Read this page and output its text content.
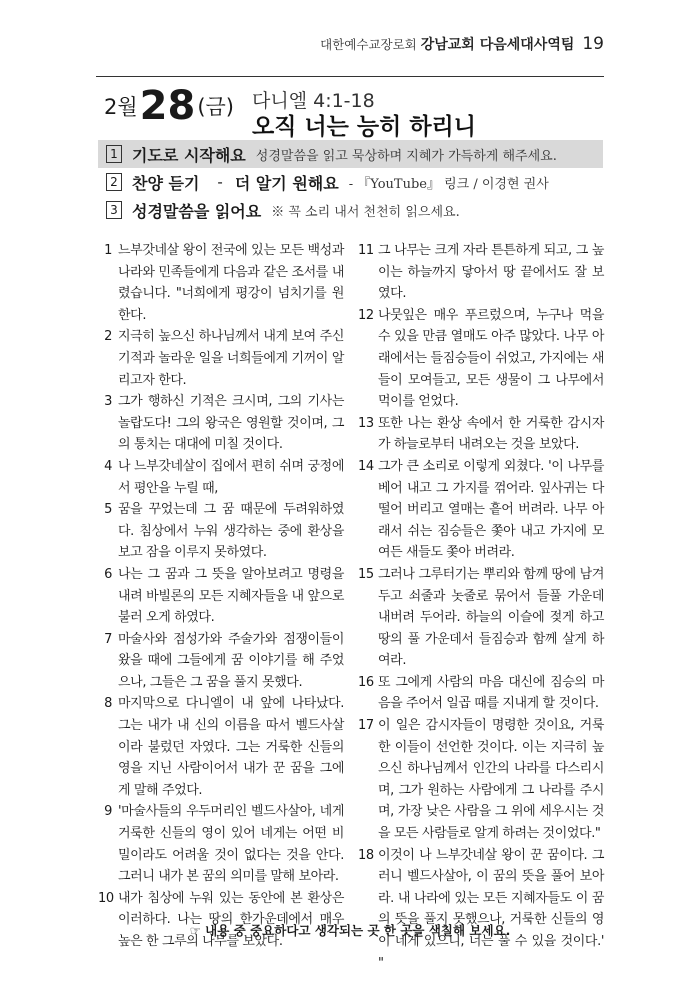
대한예수교장로회 강남교회 다음세대사역팀 19
2월 28 (금) 다니엘 4:1-18
오직 너는 능히 하리니
1 기도로 시작해요 성경말씀을 읽고 묵상하며 지혜가 가득하게 해주세요.
2 찬양 듣기 - 더 알기 원해요 - 『YouTube』 링크 / 이경현 권사
3 성경말씀을 읽어요 ※ 꼭 소리 내서 천천히 읽으세요.
1 느부갓네살 왕이 전국에 있는 모든 백성과 나라와 민족들에게 다음과 같은 조서를 내렸습니다. "너희에게 평강이 넘치기를 원한다.
2 지극히 높으신 하나님께서 내게 보여 주신 기적과 놀라운 일을 너희들에게 기꺼이 알리고자 한다.
3 그가 행하신 기적은 크시며, 그의 기사는 놀랍도다! 그의 왕국은 영원할 것이며, 그의 통치는 대대에 미칠 것이다.
4 나 느부갓네살이 집에서 편히 쉬며 궁정에서 평안을 누릴 때,
5 꿈을 꾸었는데 그 꿈 때문에 두려워하였다. 침상에서 누워 생각하는 중에 환상을 보고 잠을 이루지 못하였다.
6 나는 그 꿈과 그 뜻을 알아보려고 명령을 내려 바빌론의 모든 지혜자들을 내 앞으로 불러 오게 하였다.
7 마술사와 점성가와 주술가와 점쟁이들이 왔을 때에 그들에게 꿈 이야기를 해 주었으나, 그들은 그 꿈을 풀지 못했다.
8 마지막으로 다니엘이 내 앞에 나타났다. 그는 내가 내 신의 이름을 따서 벨드사살이라 불렀던 자였다. 그는 거룩한 신들의 영을 지닌 사람이어서 내가 꾼 꿈을 그에게 말해 주었다.
9 '마술사들의 우두머리인 벨드사살아, 네게 거룩한 신들의 영이 있어 네게는 어떤 비밀이라도 어려울 것이 없다는 것을 안다. 그러니 내가 본 꿈의 의미를 말해 보아라.
10 내가 침상에 누워 있는 동안에 본 환상은 이러하다. 나는 땅의 한가운데에서 매우 높은 한 그루의 나무를 보았다.
11 그 나무는 크게 자라 튼튼하게 되고, 그 높이는 하늘까지 닿아서 땅 끝에서도 잘 보였다.
12 나뭇잎은 매우 푸르렀으며, 누구나 먹을 수 있을 만큼 열매도 아주 많았다. 나무 아래에서는 들짐승들이 쉬었고, 가지에는 새들이 모여들고, 모든 생물이 그 나무에서 먹이를 얻었다.
13 또한 나는 환상 속에서 한 거룩한 감시자가 하늘로부터 내려오는 것을 보았다.
14 그가 큰 소리로 이렇게 외쳤다. '이 나무를 베어 내고 그 가지를 꺾어라. 잎사귀는 다 떨어 버리고 열매는 흩어 버려라. 나무 아래서 쉬는 짐승들은 쫓아 내고 가지에 모여든 새들도 쫓아 버려라.
15 그러나 그루터기는 뿌리와 함께 땅에 남겨 두고 쇠줄과 놋줄로 묶어서 들풀 가운데 내버려 두어라. 하늘의 이슬에 젖게 하고 땅의 풀 가운데서 들짐승과 함께 살게 하여라.
16 또 그에게 사람의 마음 대신에 짐승의 마음을 주어서 일곱 때를 지내게 할 것이다.
17 이 일은 감시자들이 명령한 것이요, 거룩한 이들이 선언한 것이다. 이는 지극히 높으신 하나님께서 인간의 나라를 다스리시며, 그가 원하는 사람에게 그 나라를 주시며, 가장 낮은 사람을 그 위에 세우시는 것을 모든 사람들로 알게 하려는 것이었다."
18 이것이 나 느부갓네살 왕이 꾼 꿈이다. 그러니 벨드사살아, 이 꿈의 뜻을 풀어 보아라. 내 나라에 있는 모든 지혜자들도 이 꿈의 뜻을 풀지 못했으나, 거룩한 신들의 영이 네게 있으니, 너는 풀 수 있을 것이다.' "
☞ 내용 중 중요하다고 생각되는 곳 한 곳을 색칠해 보세요.
